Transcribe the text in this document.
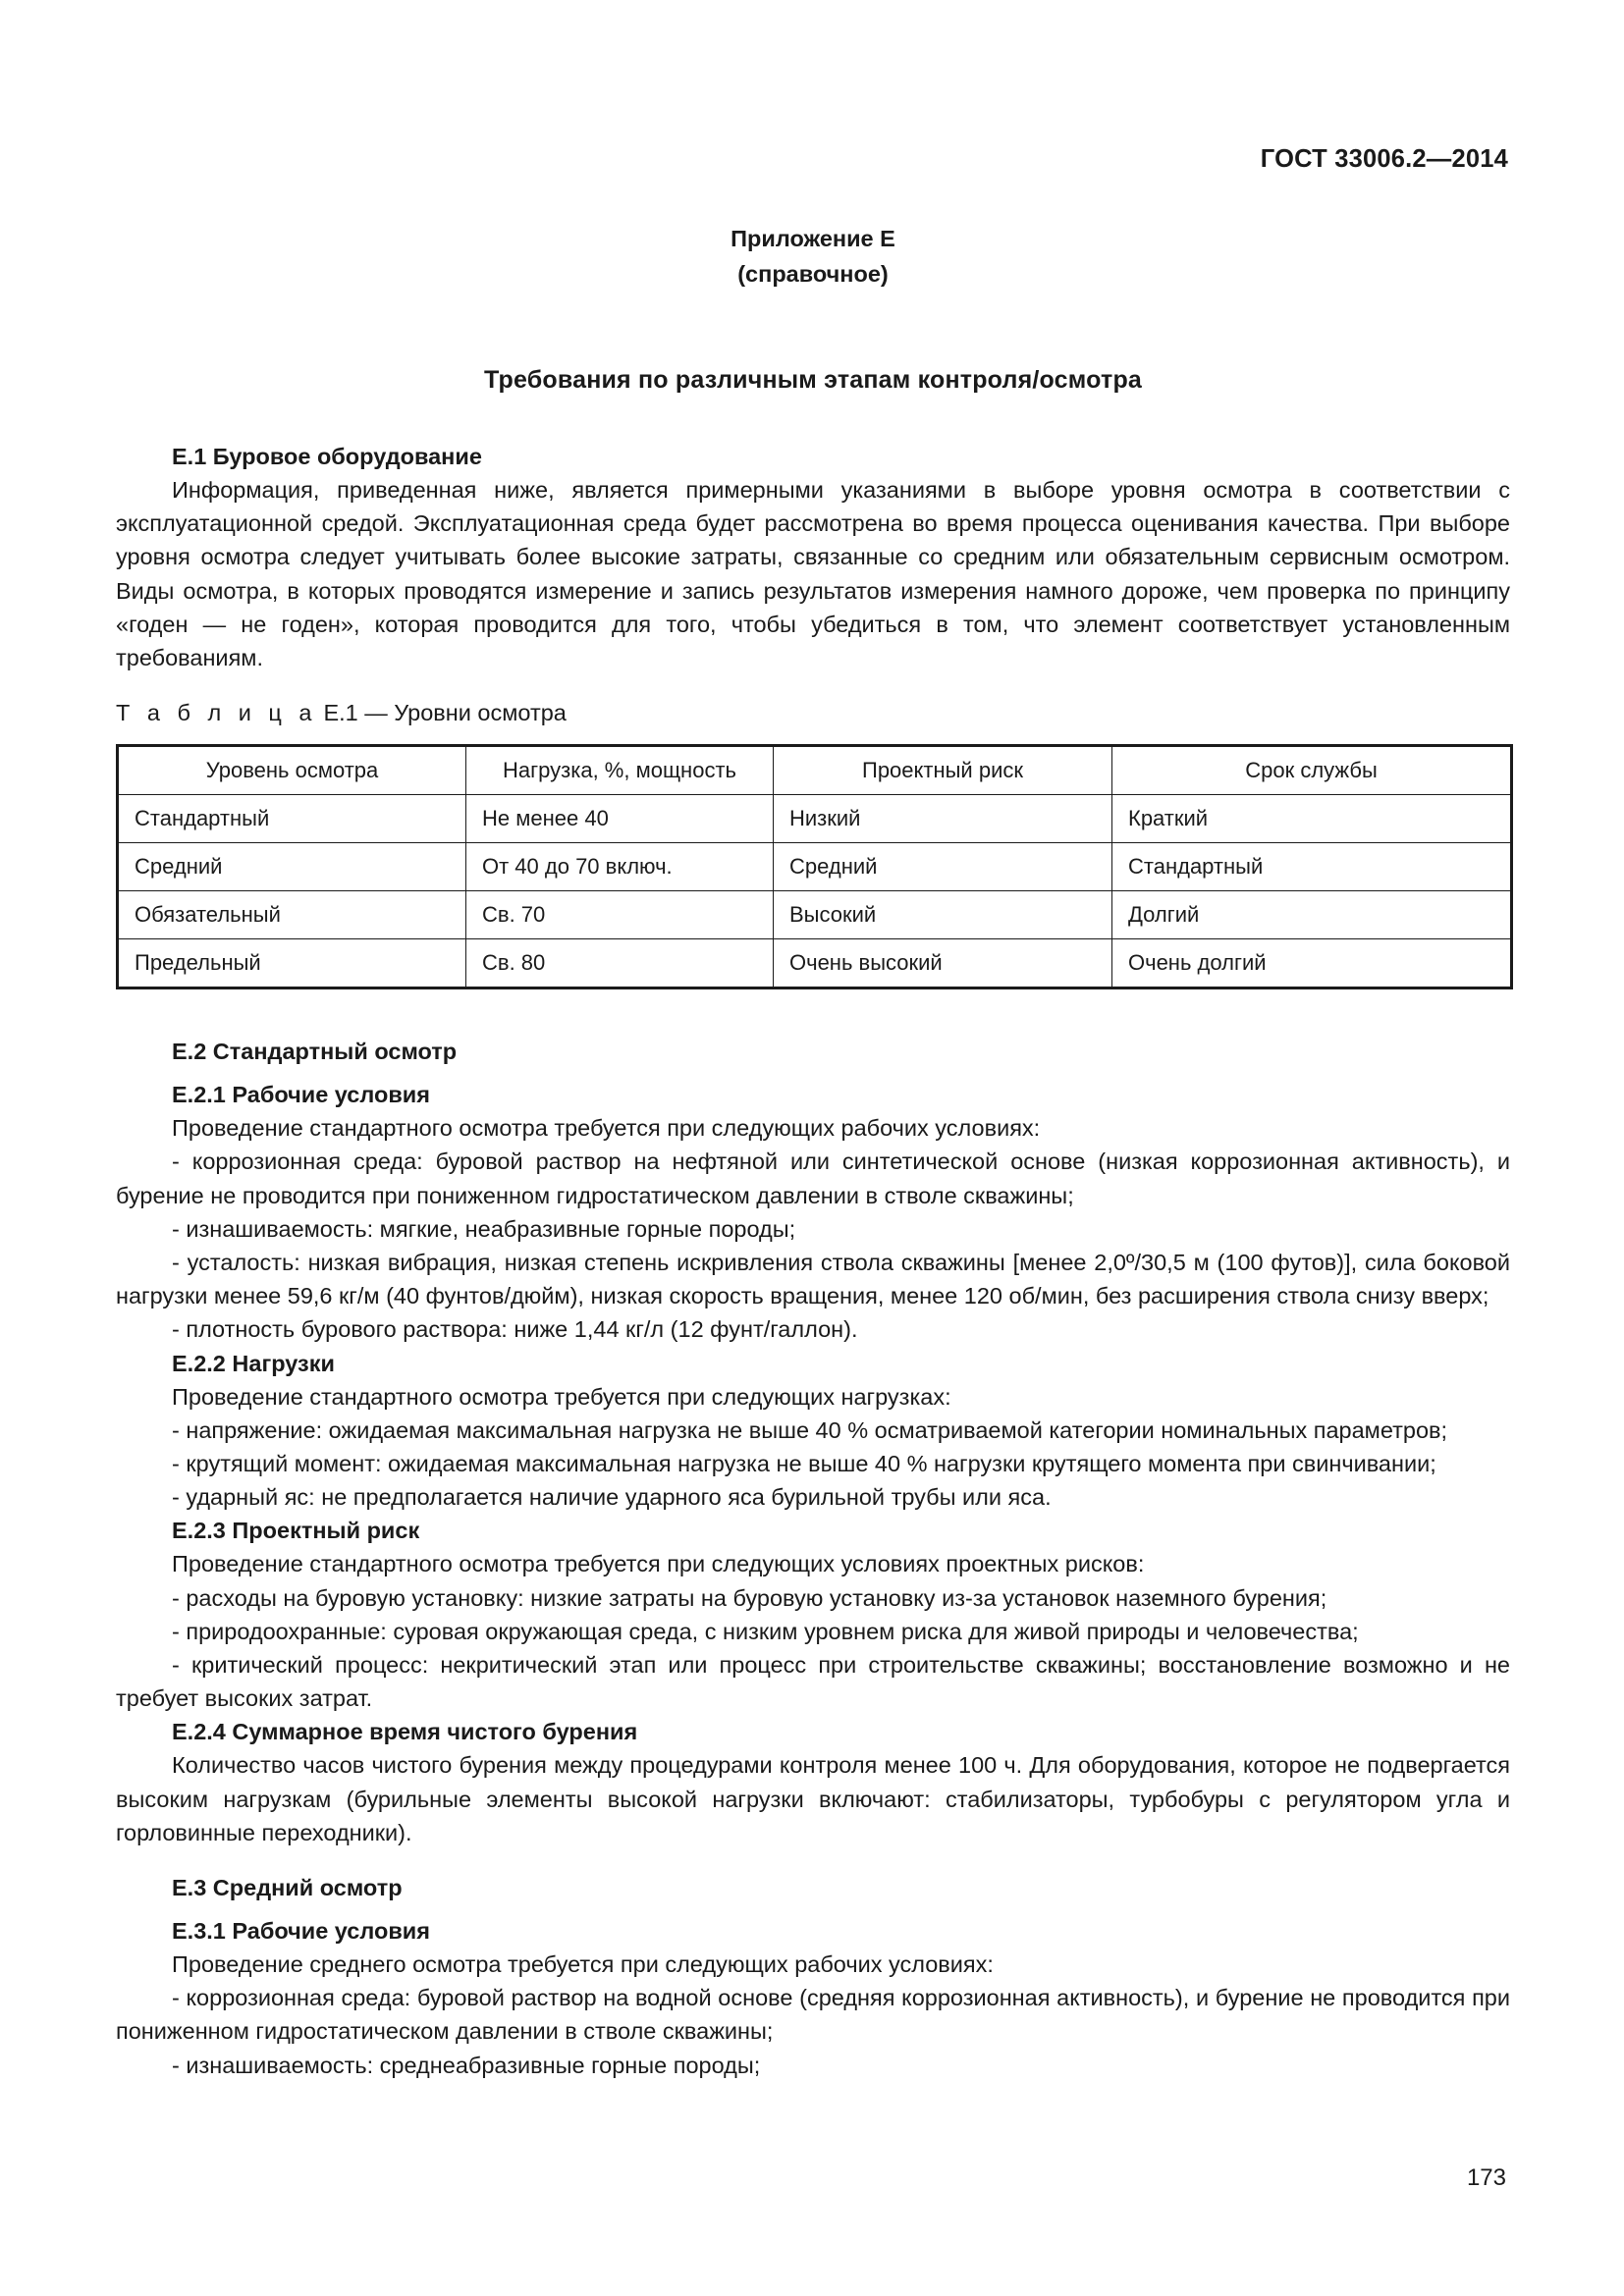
ГОСТ 33006.2—2014
Приложение Е
(справочное)
Требования по различным этапам контроля/осмотра
Е.1 Буровое оборудование

Информация, приведенная ниже, является примерными указаниями в выборе уровня осмотра в соответствии с эксплуатационной средой. Эксплуатационная среда будет рассмотрена во время процесса оценивания качества. При выборе уровня осмотра следует учитывать более высокие затраты, связанные со средним или обязательным сервисным осмотром. Виды осмотра, в которых проводятся измерение и запись результатов измерения намного дороже, чем проверка по принципу «годен — не годен», которая проводится для того, чтобы убедиться в том, что элемент соответствует установленным требованиям.

Т а б л и ц а Е.1 — Уровни осмотра

Уровень осмотра	Нагрузка, %, мощность	Проектный риск	Срок службы
Стандартный	Не менее 40	Низкий	Краткий
Средний	От 40 до 70 включ.	Средний	Стандартный
Обязательный	Св. 70	Высокий	Долгий
Предельный	Св. 80	Очень высокий	Очень долгий
Е.2 Стандартный осмотр
Е.2.1 Рабочие условия

Проведение стандартного осмотра требуется при следующих рабочих условиях:

- коррозионная среда: буровой раствор на нефтяной или синтетической основе (низкая коррозионная активность), и бурение не проводится при пониженном гидростатическом давлении в стволе скважины;

- изнашиваемость: мягкие, неабразивные горные породы;

- усталость: низкая вибрация, низкая степень искривления ствола скважины [менее 2,0º/30,5 м (100 футов)], сила боковой нагрузки менее 59,6 кг/м (40 фунтов/дюйм), низкая скорость вращения, менее 120 об/мин, без расширения ствола снизу вверх;

- плотность бурового раствора: ниже 1,44 кг/л (12 фунт/галлон).

Е.2.2 Нагрузки

Проведение стандартного осмотра требуется при следующих нагрузках:

- напряжение: ожидаемая максимальная нагрузка не выше 40 % осматриваемой категории номинальных параметров;

- крутящий момент: ожидаемая максимальная нагрузка не выше 40 % нагрузки крутящего момента при свинчивании;

- ударный яс: не предполагается наличие ударного яса бурильной трубы или яса.

Е.2.3 Проектный риск

Проведение стандартного осмотра требуется при следующих условиях проектных рисков:

- расходы на буровую установку: низкие затраты на буровую установку из-за установок наземного бурения;

- природоохранные: суровая окружающая среда, с низким уровнем риска для живой природы и человечества;

- критический процесс: некритический этап или процесс при строительстве скважины; восстановление возможно и не требует высоких затрат.

Е.2.4 Суммарное время чистого бурения

Количество часов чистого бурения между процедурами контроля менее 100 ч. Для оборудования, которое не подвергается высоким нагрузкам (бурильные элементы высокой нагрузки включают: стабилизаторы, турбобуры с регулятором угла и горловинные переходники).

Е.3 Средний осмотр
Е.3.1 Рабочие условия

Проведение среднего осмотра требуется при следующих рабочих условиях:

- коррозионная среда: буровой раствор на водной основе (средняя коррозионная активность), и бурение не проводится при пониженном гидростатическом давлении в стволе скважины;

- изнашиваемость: среднеабразивные горные породы;

173
